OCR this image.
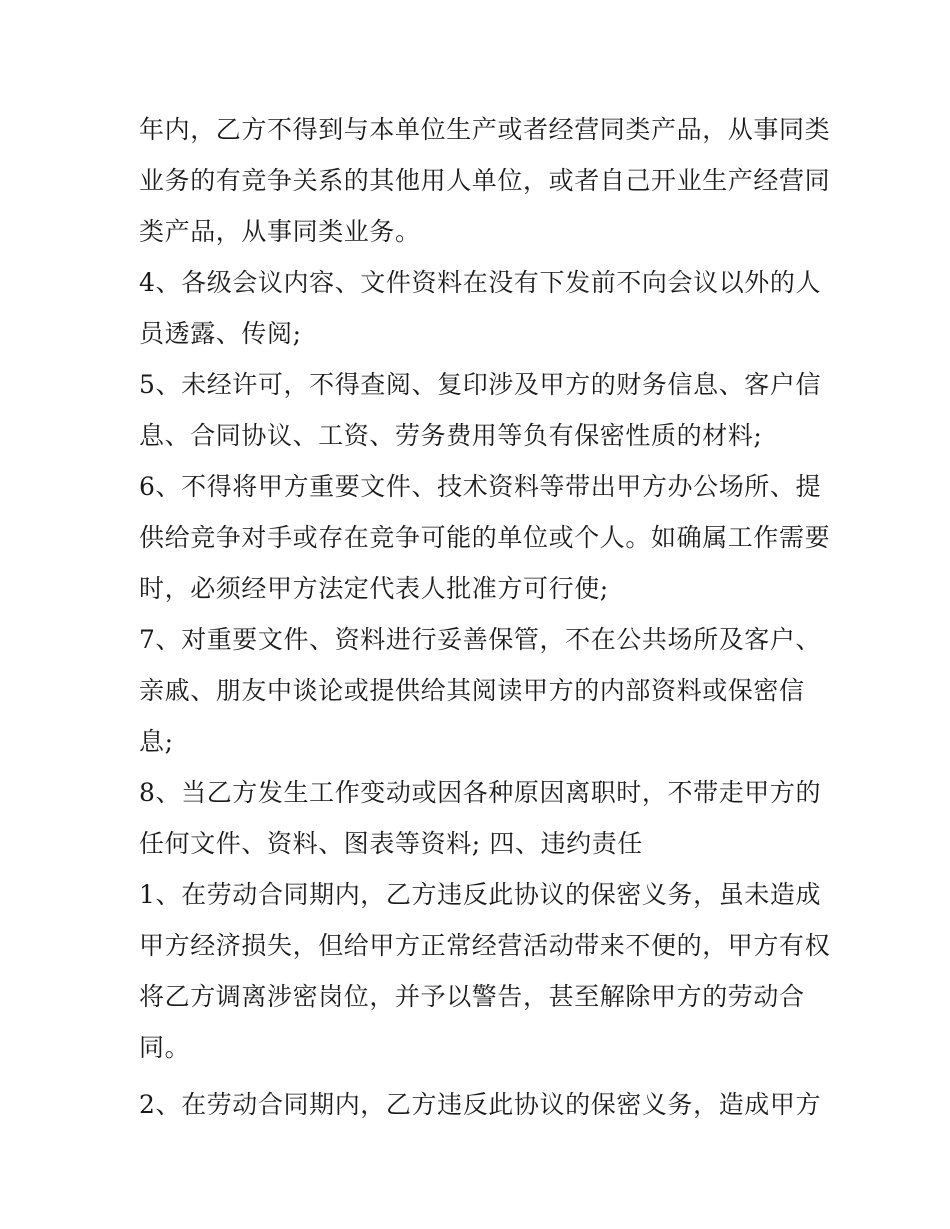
年内，乙方不得到与本单位生产或者经营同类产品，从事同类
业务的有竞争关系的其他用人单位，或者自己开业生产经营同
类产品，从事同类业务。
4、各级会议内容、文件资料在没有下发前不向会议以外的人
员透露、传阅;
5、未经许可，不得查阅、复印涉及甲方的财务信息、客户信
息、合同协议、工资、劳务费用等负有保密性质的材料;
6、不得将甲方重要文件、技术资料等带出甲方办公场所、提
供给竞争对手或存在竞争可能的单位或个人。如确属工作需要
时，必须经甲方法定代表人批准方可行使;
7、对重要文件、资料进行妥善保管，不在公共场所及客户、
亲戚、朋友中谈论或提供给其阅读甲方的内部资料或保密信
息;
8、当乙方发生工作变动或因各种原因离职时，不带走甲方的
任何文件、资料、图表等资料; 四、违约责任
1、在劳动合同期内，乙方违反此协议的保密义务，虽未造成
甲方经济损失，但给甲方正常经营活动带来不便的，甲方有权
将乙方调离涉密岗位，并予以警告，甚至解除甲方的劳动合
同。
2、在劳动合同期内，乙方违反此协议的保密义务，造成甲方
